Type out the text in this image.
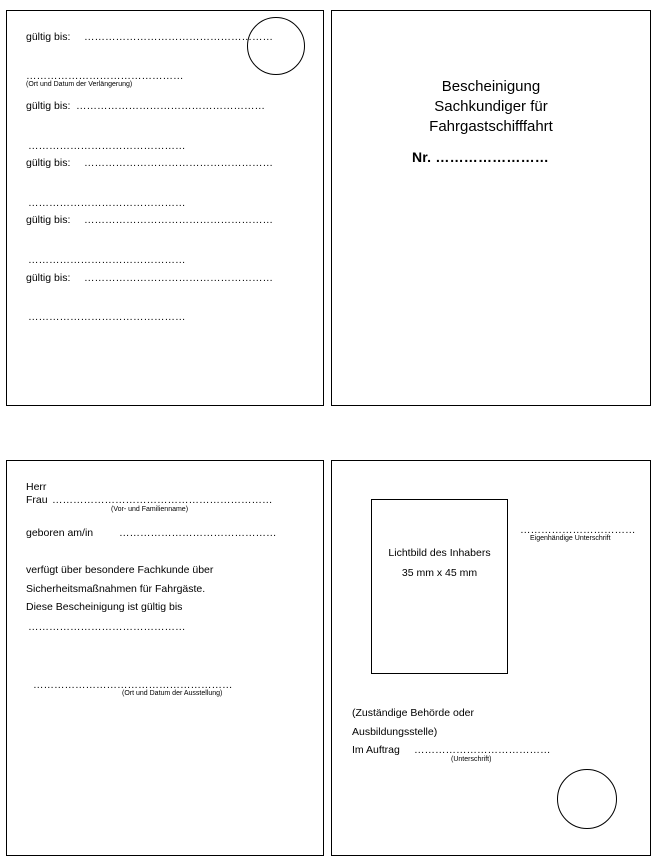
gültig bis: ………………………………………………
………………………………………
(Ort und Datum der Verlängerung)
gültig bis: ………………………………………………
………………………………………
gültig bis: ………………………………………………
………………………………………
gültig bis: ………………………………………………
………………………………………
gültig bis: ………………………………………………
………………………………………
Bescheinigung
Sachkundiger für
Fahrgastschifffahrt
Nr. ……………………
Herr
Frau ………………………………………………………
(Vor- und Familienname)
geboren am/in ………………………………………
verfügt über besondere Fachkunde über
Sicherheitsmaßnahmen für Fahrgäste.
Diese Bescheinigung ist gültig bis
………………………………………
…………………………………………………
(Ort und Datum der Ausstellung)
Lichtbild des Inhabers
35 mm x 45 mm
……………………………
Eigenhändige Unterschrift
(Zuständige Behörde oder
Ausbildungsstelle)
Im Auftrag …………………………………
(Unterschrift)
